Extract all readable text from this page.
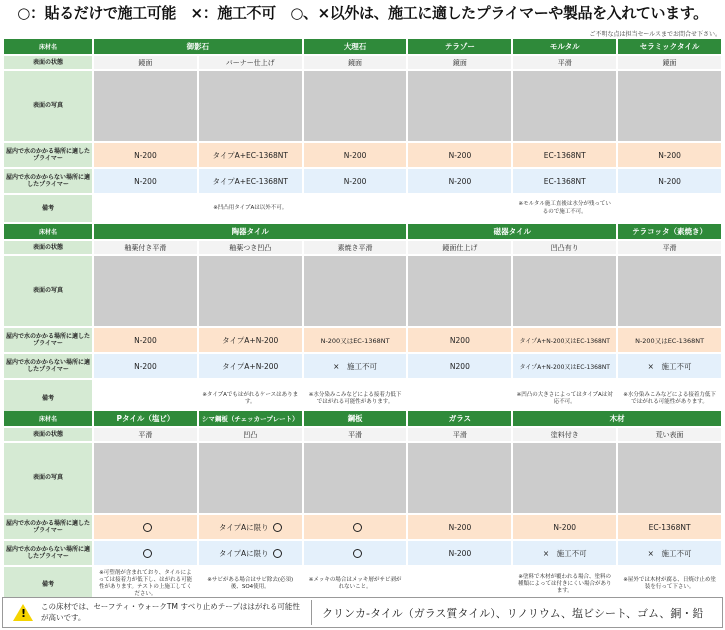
○：貼るだけで施工可能　×：施工不可　○、×以外は、施工に適したプライマーや製品を入れています。
ご不明な点は担当セールスまでお問合せ下さい。
床材名	御影石		大理石	テラゾー	モルタル	セラミックタイル
表面の状態	鏡面	バーナー仕上げ	鏡面	鏡面	平滑	鏡面
表面の写真	

屋内で水のかかる場所に適したプライマー	N-200	タイプA+EC-1368NT	N-200	N-200	EC-1368NT	N-200
屋内で水のかからない場所に適したプライマー	N-200	タイプA+EC-1368NT	N-200	N-200	EC-1368NT	N-200
備考		※凹凸用タイプAは以外不可。			※モルタル施工直後は水分が残っているので施工不可。	
床材名	陶器タイル			磁器タイル		テラコッタ（素焼き）
表面の状態	釉薬付き平滑	釉薬つき凹凸	素焼き平滑	鏡面仕上げ	凹凸有り	平滑
表面の写真	

屋内で水のかかる場所に適したプライマー	N-200	タイプA+N-200	N-200又はEC-1368NT	N200	タイプA+N-200又はEC-1368NT	N-200又はEC-1368NT
屋内で水のかからない場所に適したプライマー	N-200	タイプA+N-200	×　施工不可	N200	タイプA+N-200又はEC-1368NT	×　施工不可
備考		※タイプAでもはがれるケースはあります。	※水分染みこみなどによる接着力低下ではがれる可能性があります。		※凹凸の大きさによってはタイプAは対応不可。	※水分染みこみなどによる接着力低下ではがれる可能性があります。
床材名	Pタイル（塩ビ）	シマ鋼板（チェッカープレート）	鋼板	ガラス	木材	
表面の状態	平滑	凹凸	平滑	平滑	塗料付き	荒い表面
表面の写真	

屋内で水のかかる場所に適したプライマー		タイプAに限り		N-200	N-200	EC-1368NT
屋内で水のかからない場所に適したプライマー		タイプAに限り		N-200	×　施工不可	×　施工不可
備考	※可塑剤が含まれており、タイルによっては接着力が低下し、はがれる可能性があります。テストの上施工してください。	※サビがある場合はサビ除去(必須)後、SO4使用。	※メッキの場合はメッキ層がサビ剥がれないこと。		※塗料で木材が覆われる場合、塗料の種類によっては付きにくい場合があります。	※屋外では木材が腐る、日焼け止め塗装を行って下さい。
!
この床材では、セーフティ・ウォークTM すべり止めテープははがれる可能性が高いです。	クリンカ-タイル（ガラス質タイル）、リノリウム、塩ビシート、ゴム、銅・鉛
